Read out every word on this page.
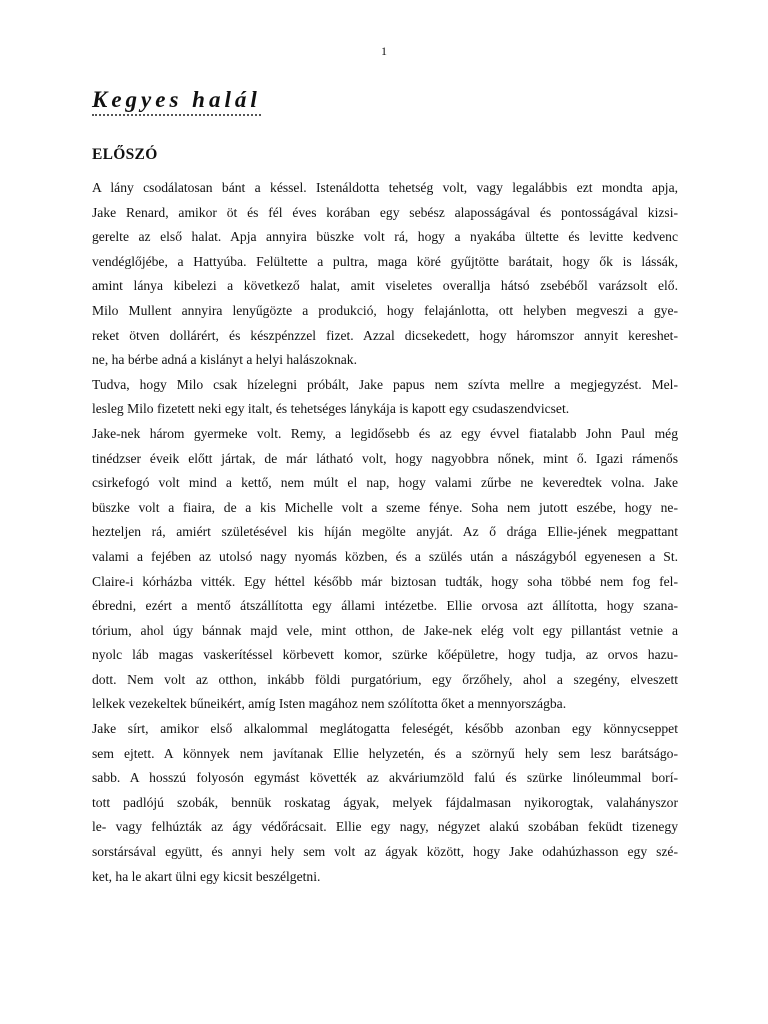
1
Kegyes halál
ELŐSZÓ
A lány csodálatosan bánt a késsel. Istenáldotta tehetség volt, vagy legalábbis ezt mondta apja,
Jake Renard, amikor öt és fél éves korában egy sebész alaposságával és pontosságával kizsi-
gerelte az első halat. Apja annyira büszke volt rá, hogy a nyakába ültette és levitte kedvenc
vendéglőjébe, a Hattyúba. Felültette a pultra, maga köré gyűjtötte barátait, hogy ők is lássák,
amint lánya kibelezi a következő halat, amit viseletes overallja hátsó zsebéből varázsolt elő.
Milo Mullent annyira lenyűgözte a produkció, hogy felajánlotta, ott helyben megveszi a gye-
reket ötven dollárért, és készpénzzel fizet. Azzal dicsekedett, hogy háromszor annyit kereshet-
ne, ha bérbe adná a kislányt a helyi halászoknak.
Tudva, hogy Milo csak hízelegni próbált, Jake papus nem szívta mellre a megjegyzést. Mel-
lesleg Milo fizetett neki egy italt, és tehetséges lánykája is kapott egy csudaszendvicset.
Jake-nek három gyermeke volt. Remy, a legidősebb és az egy évvel fiatalabb John Paul még
tinédzser éveik előtt jártak, de már látható volt, hogy nagyobbra nőnek, mint ő. Igazi rámenős
csirkefogó volt mind a kettő, nem múlt el nap, hogy valami zűrbe ne keveredtek volna. Jake
büszke volt a fiaira, de a kis Michelle volt a szeme fénye. Soha nem jutott eszébe, hogy ne-
hezteljen rá, amiért születésével kis híján megölte anyját. Az ő drága Ellie-jének megpattant
valami a fejében az utolsó nagy nyomás közben, és a szülés után a nászágyból egyenesen a St.
Claire-i kórházba vitték. Egy héttel később már biztosan tudták, hogy soha többé nem fog fel-
ébredni, ezért a mentő átszállította egy állami intézetbe. Ellie orvosa azt állította, hogy szana-
tórium, ahol úgy bánnak majd vele, mint otthon, de Jake-nek elég volt egy pillantást vetnie a
nyolc láb magas vaskerítéssel körbevett komor, szürke kőépületre, hogy tudja, az orvos hazu-
dott. Nem volt az otthon, inkább földi purgatórium, egy őrzőhely, ahol a szegény, elveszett
lelkek vezekeltek bűneikért, amíg Isten magához nem szólította őket a mennyországba.
Jake sírt, amikor első alkalommal meglátogatta feleségét, később azonban egy könnycseppet
sem ejtett. A könnyek nem javítanak Ellie helyzetén, és a szörnyű hely sem lesz barátságo-
sabb. A hosszú folyosón egymást követték az akváriumzöld falú és szürke linóleummal borí-
tott padlójú szobák, bennük roskatag ágyak, melyek fájdalmasan nyikorogtak, valahányszor
le- vagy felhúzták az ágy védőrácsait. Ellie egy nagy, négyzet alakú szobában feküdt tizenegy
sorstársával együtt, és annyi hely sem volt az ágyak között, hogy Jake odahúzhasson egy szé-
ket, ha le akart ülni egy kicsit beszélgetni.
